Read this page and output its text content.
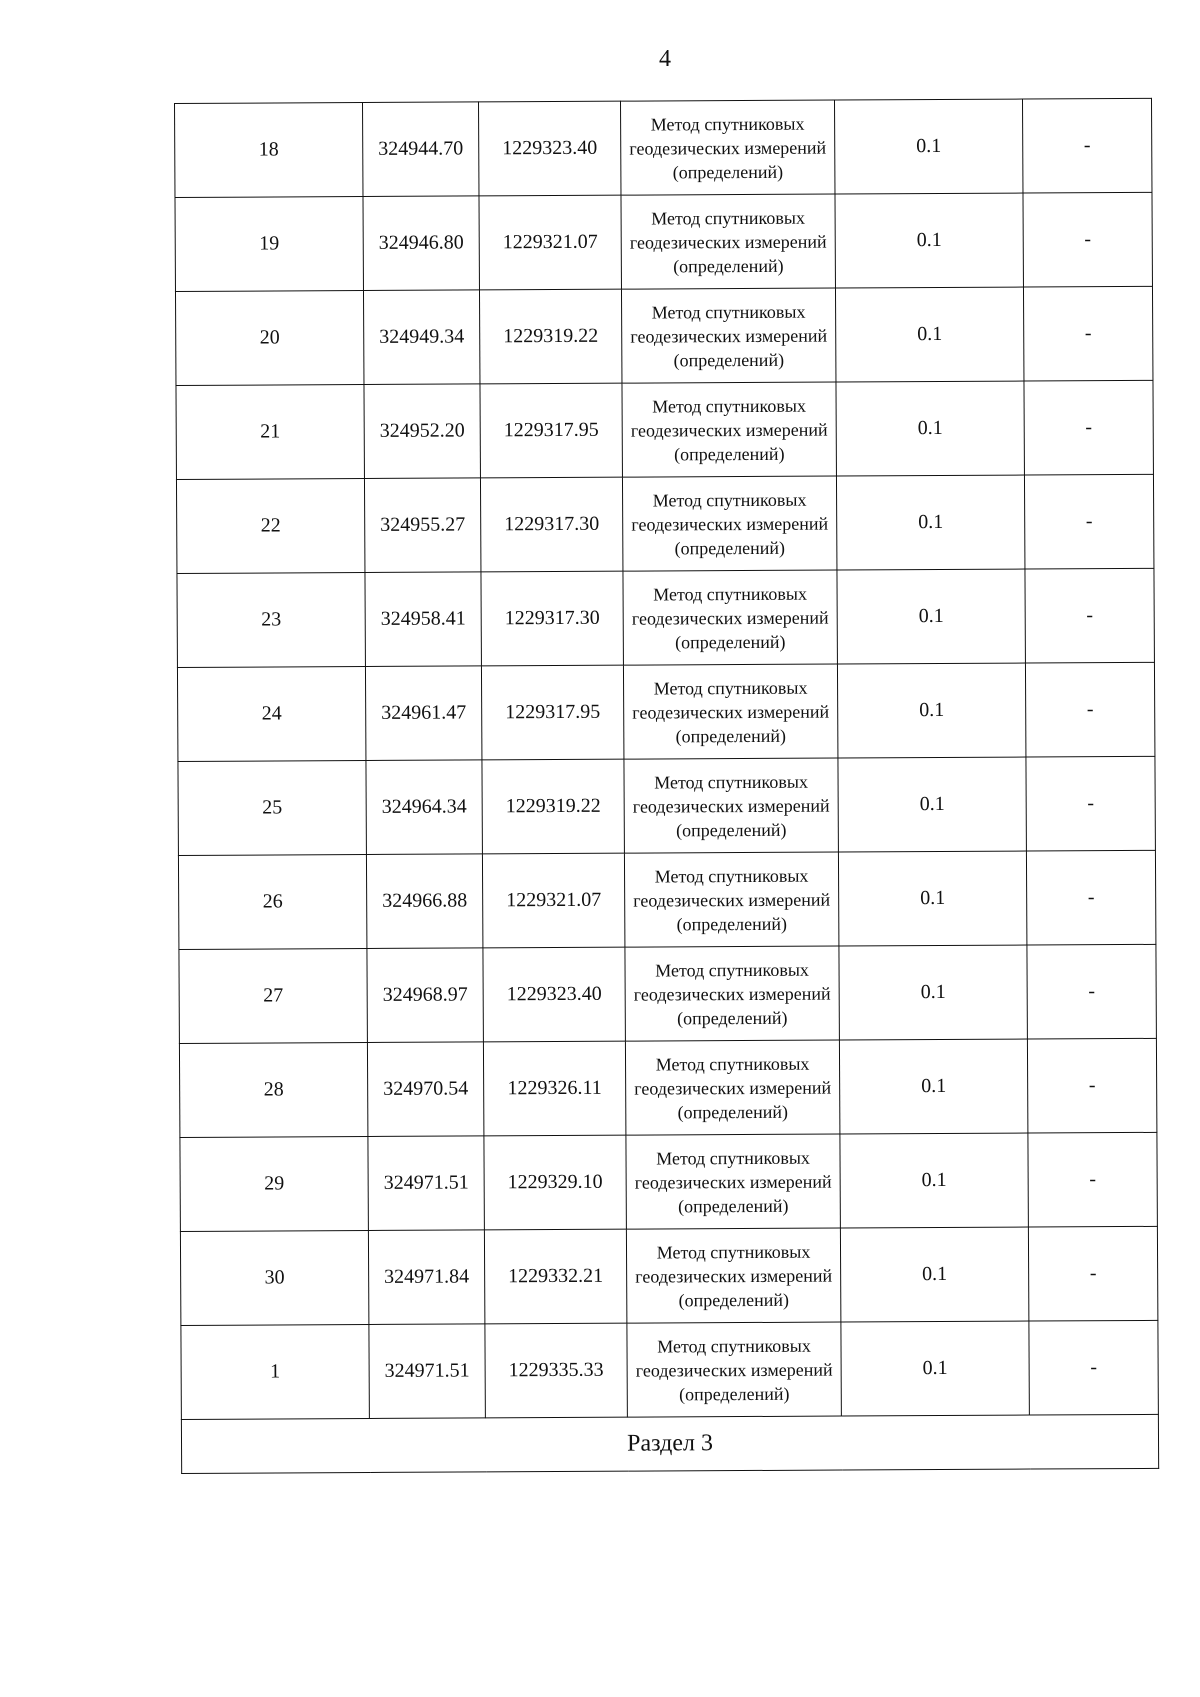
4
18	324944.70	1229323.40	Метод спутниковых геодезических измерений (определений)	0.1	-
19	324946.80	1229321.07	Метод спутниковых геодезических измерений (определений)	0.1	-
20	324949.34	1229319.22	Метод спутниковых геодезических измерений (определений)	0.1	-
21	324952.20	1229317.95	Метод спутниковых геодезических измерений (определений)	0.1	-
22	324955.27	1229317.30	Метод спутниковых геодезических измерений (определений)	0.1	-
23	324958.41	1229317.30	Метод спутниковых геодезических измерений (определений)	0.1	-
24	324961.47	1229317.95	Метод спутниковых геодезических измерений (определений)	0.1	-
25	324964.34	1229319.22	Метод спутниковых геодезических измерений (определений)	0.1	-
26	324966.88	1229321.07	Метод спутниковых геодезических измерений (определений)	0.1	-
27	324968.97	1229323.40	Метод спутниковых геодезических измерений (определений)	0.1	-
28	324970.54	1229326.11	Метод спутниковых геодезических измерений (определений)	0.1	-
29	324971.51	1229329.10	Метод спутниковых геодезических измерений (определений)	0.1	-
30	324971.84	1229332.21	Метод спутниковых геодезических измерений (определений)	0.1	-
1	324971.51	1229335.33	Метод спутниковых геодезических измерений (определений)	0.1	-
Раздел 3					
